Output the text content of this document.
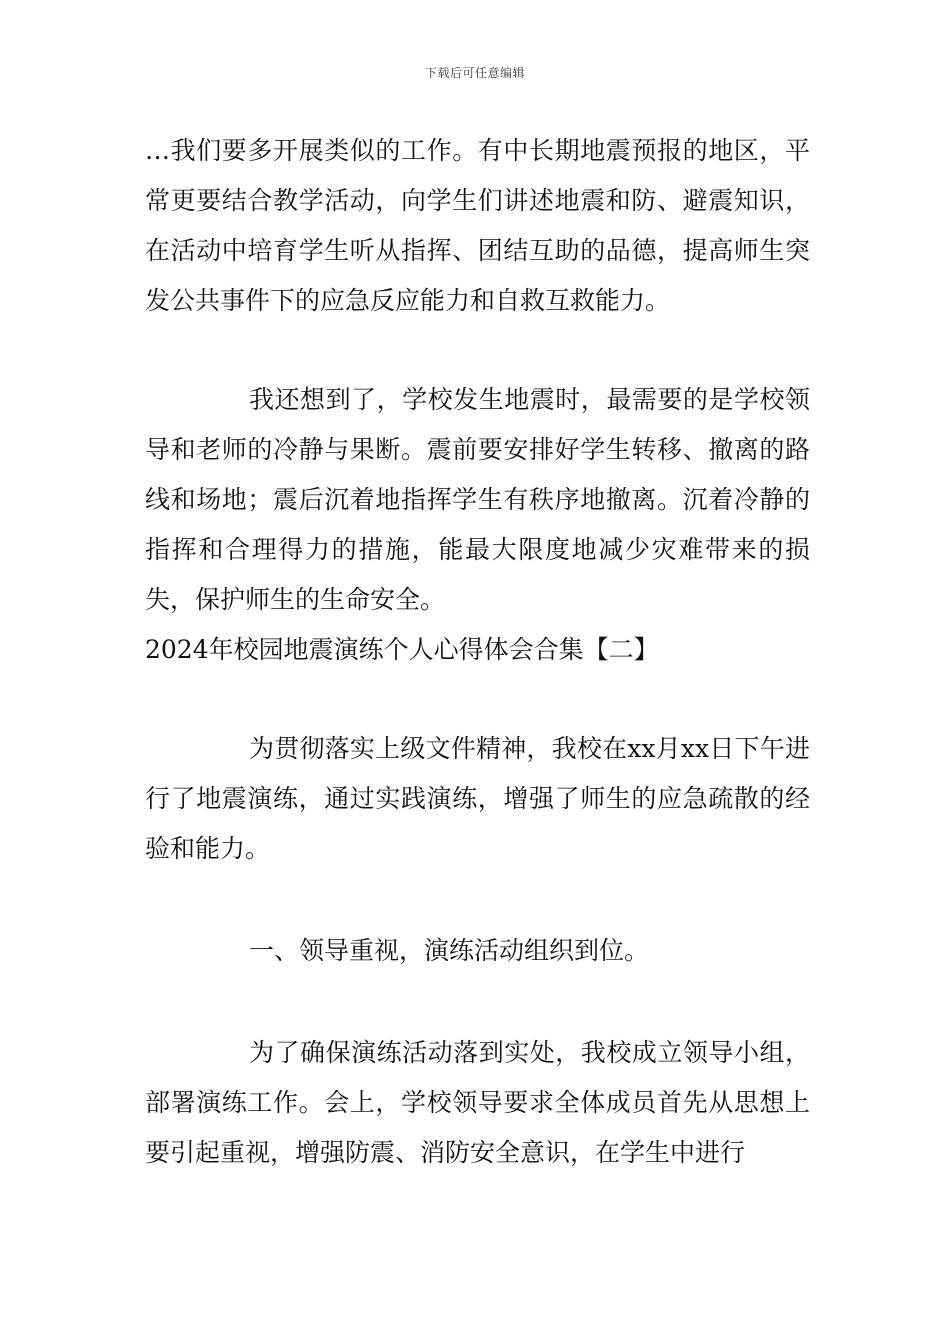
下载后可任意编辑

…我们要多开展类似的工作。有中长期地震预报的地区，平常更要结合教学活动，向学生们讲述地震和防、避震知识，在活动中培育学生听从指挥、团结互助的品德，提高师生突发公共事件下的应急反应能力和自救互救能力。

我还想到了，学校发生地震时，最需要的是学校领导和老师的冷静与果断。震前要安排好学生转移、撤离的路线和场地；震后沉着地指挥学生有秩序地撤离。沉着冷静的指挥和合理得力的措施，能最大限度地减少灾难带来的损失，保护师生的生命安全。

2024年校园地震演练个人心得体会合集【二】

为贯彻落实上级文件精神，我校在xx月xx日下午进行了地震演练，通过实践演练，增强了师生的应急疏散的经验和能力。

一、领导重视，演练活动组织到位。

为了确保演练活动落到实处，我校成立领导小组，部署演练工作。会上，学校领导要求全体成员首先从思想上要引起重视，增强防震、消防安全意识，在学生中进行
